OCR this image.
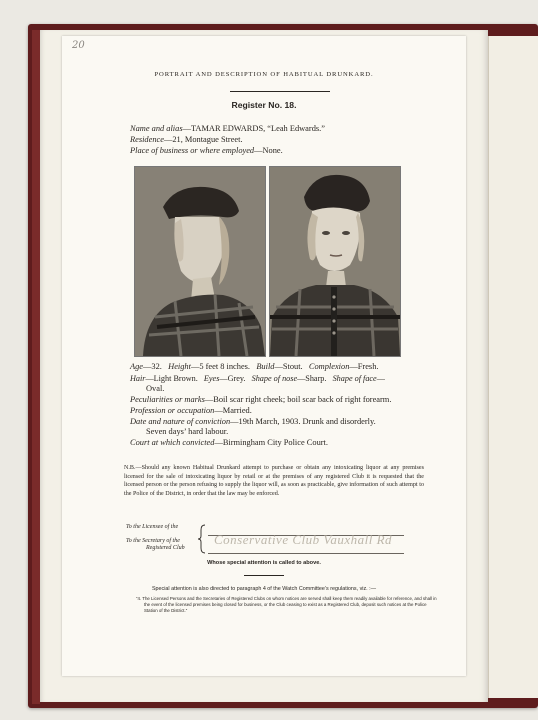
20
PORTRAIT AND DESCRIPTION OF HABITUAL DRUNKARD.
Register No. 18.
Name and alias—TAMAR EDWARDS, “Leah Edwards.”
Residence—21, Montague Street.
Place of business or where employed—None.
Age—32. Height—5 feet 8 inches. Build—Stout. Complexion—Fresh.
Hair—Light Brown. Eyes—Grey. Shape of nose—Sharp. Shape of face—
Oval.
Peculiarities or marks—Boil scar right cheek; boil scar back of right forearm.
Profession or occupation—Married.
Date and nature of conviction—19th March, 1903. Drunk and disorderly.
Seven days’ hard labour.
Court at which convicted—Birmingham City Police Court.
N.B.—Should any known Habitual Drunkard attempt to purchase or obtain any intoxicating liquor at any premises licensed for the sale of intoxicating liquor by retail or at the premises of any registered Club it is requested that the licensed person or the person refusing to supply the liquor will, as soon as practicable, give information of such attempt to the Police of the District, in order that the law may be enforced.
To the Licensee of the
To the Secretary of the
Registered Club
Conservative Club Vauxhall Rd
Whose special attention is called to above.
Special attention is also directed to paragraph 4 of the Watch Committee’s regulations, viz. :—
“4. The Licensed Persons and the Secretaries of Registered Clubs on whom notices are served shall keep them readily available for reference, and shall in the event of the licensed premises being closed for business, or the Club ceasing to exist as a Registered Club, deposit such notices at the Police Station of the District.”
